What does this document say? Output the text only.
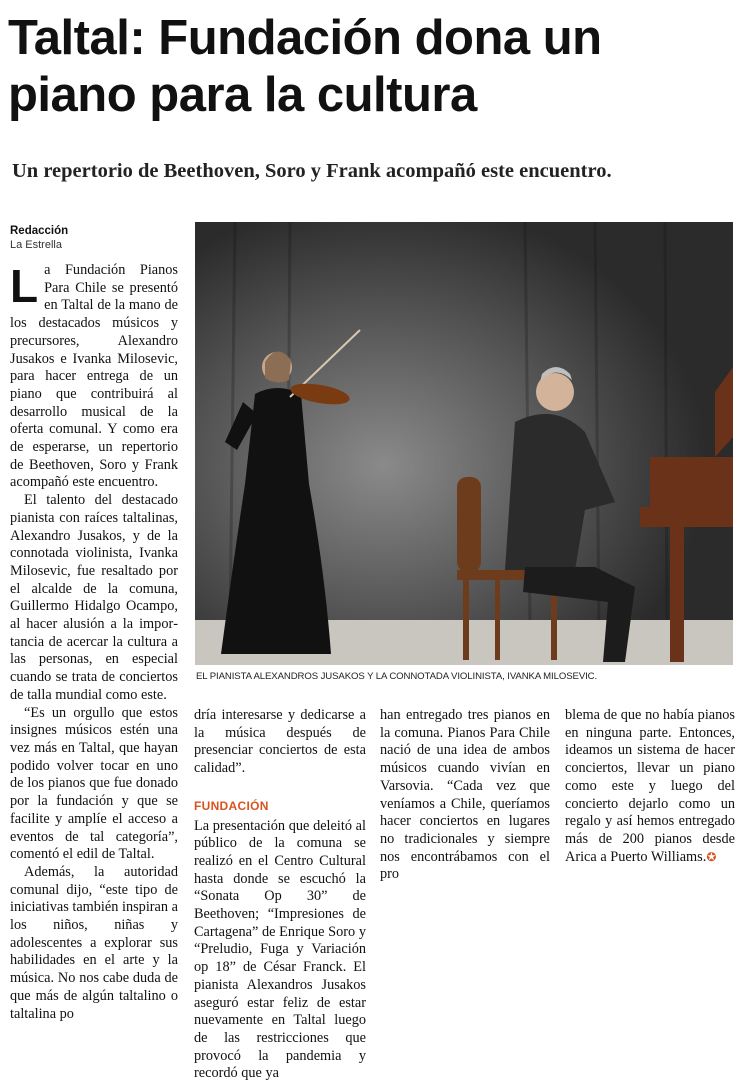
Taltal: Fundación dona un piano para la cultura

Un repertorio de Beethoven, Soro y Frank acompañó este encuentro.

Redacción
La Estrella

La Fundación Pianos Para Chile se presentó en Taltal de la mano de los destacados músicos y precursores, Alexandro Jusakos e Ivanka Milosevic, para hacer entrega de un piano que contribuirá al desarrollo musical de la oferta comunal. Y como era de esperarse, un repertorio de Beethoven, Soro y Frank acompañó este encuentro.

El talento del destacado pianista con raíces taltalinas, Alexandro Jusakos, y de la connotada violinista, Ivanka Milosevic, fue resaltado por el alcalde de la comuna, Guillermo Hidalgo Ocampo, al hacer alusión a la importancia de acercar la cultura a las personas, en especial cuando se trata de conciertos de talla mundial como este.

“Es un orgullo que estos insignes músicos estén una vez más en Taltal, que hayan podido volver tocar en uno de los pianos que fue donado por la fundación y que se facilite y amplíe el acceso a eventos de tal categoría”, comentó el edil de Taltal.

Además, la autoridad comunal dijo, “este tipo de iniciativas también inspiran a los niños, niñas y adolescentes a explorar sus habilidades en el arte y la música. No nos cabe duda de que más de algún taltalino o taltalina po

EL PIANISTA ALEXANDROS JUSAKOS Y LA CONNOTADA VIOLINISTA, IVANKA MILOSEVIC.

dría interesarse y dedicarse a la música después de presenciar conciertos de esta calidad”.

FUNDACIÓN

La presentación que deleitó al público de la comuna se realizó en el Centro Cultural hasta donde se escuchó la “Sonata Op 30” de Beethoven; “Impresiones de Cartagena” de Enrique Soro y “Preludio, Fuga y Variación op 18” de César Franck. El pianista Alexandros Jusakos aseguró estar feliz de estar nuevamente en Taltal luego de las restricciones que provocó la pandemia y recordó que ya

han entregado tres pianos en la comuna. Pianos Para Chile nació de una idea de ambos músicos cuando vivían en Varsovia. “Cada vez que veníamos a Chile, queríamos hacer conciertos en lugares no tradicionales y siempre nos encontrábamos con el pro

blema de que no había pianos en ninguna parte. Entonces, ideamos un sistema de hacer conciertos, llevar un piano como este y luego del concierto dejarlo como un regalo y así hemos entregado más de 200 pianos desde Arica a Puerto Williams.✪
